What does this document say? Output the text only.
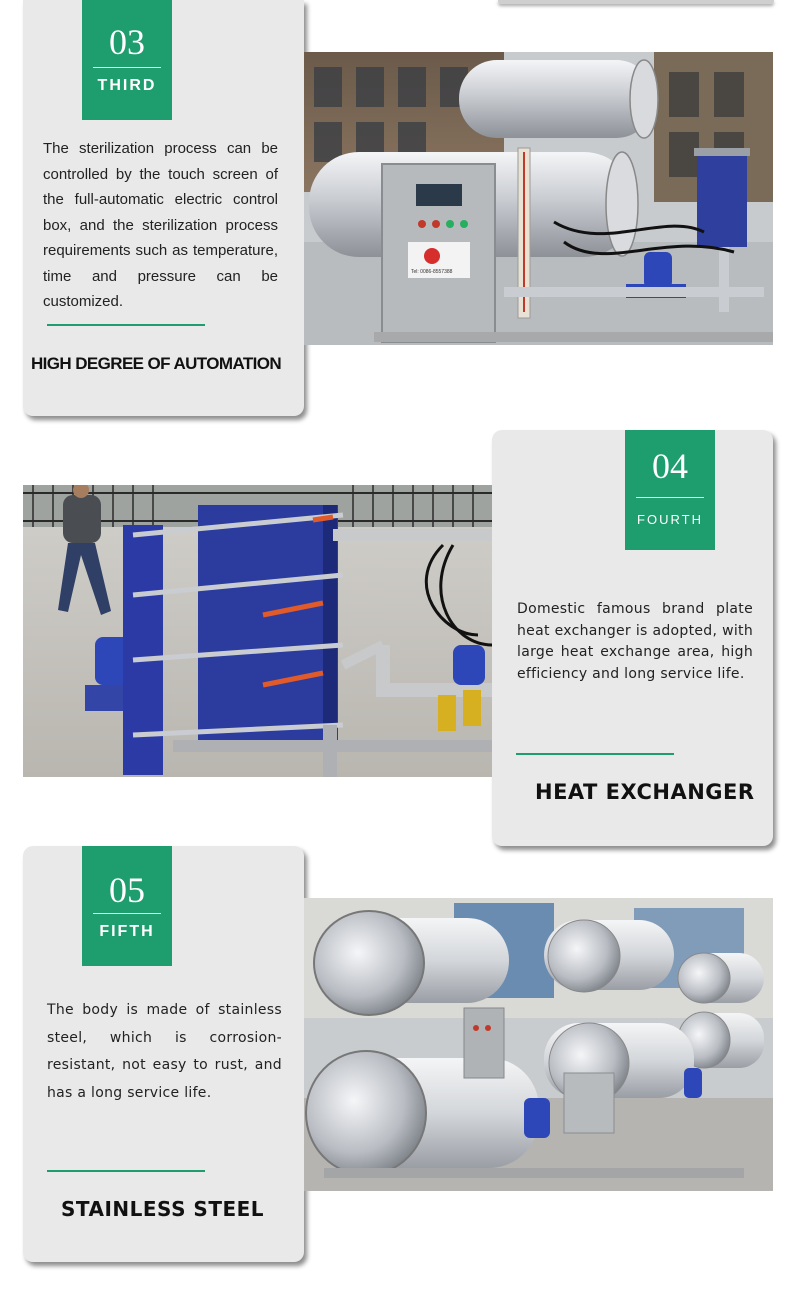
03
THIRD
The sterilization process can be controlled by the touch screen of the full-automatic electric control box, and the sterilization process requirements such as temperature, time and pressure can be customized.
HIGH DEGREE OF AUTOMATION
Tel: 0086-8557388
04
FOURTH
Domestic famous brand plate heat exchanger is adopted, with large heat exchange area, high efficiency and long service life.
HEAT EXCHANGER
05
FIFTH
The body is made of stainless steel, which is corrosion-resistant, not easy to rust, and has a long service life.
STAINLESS STEEL
